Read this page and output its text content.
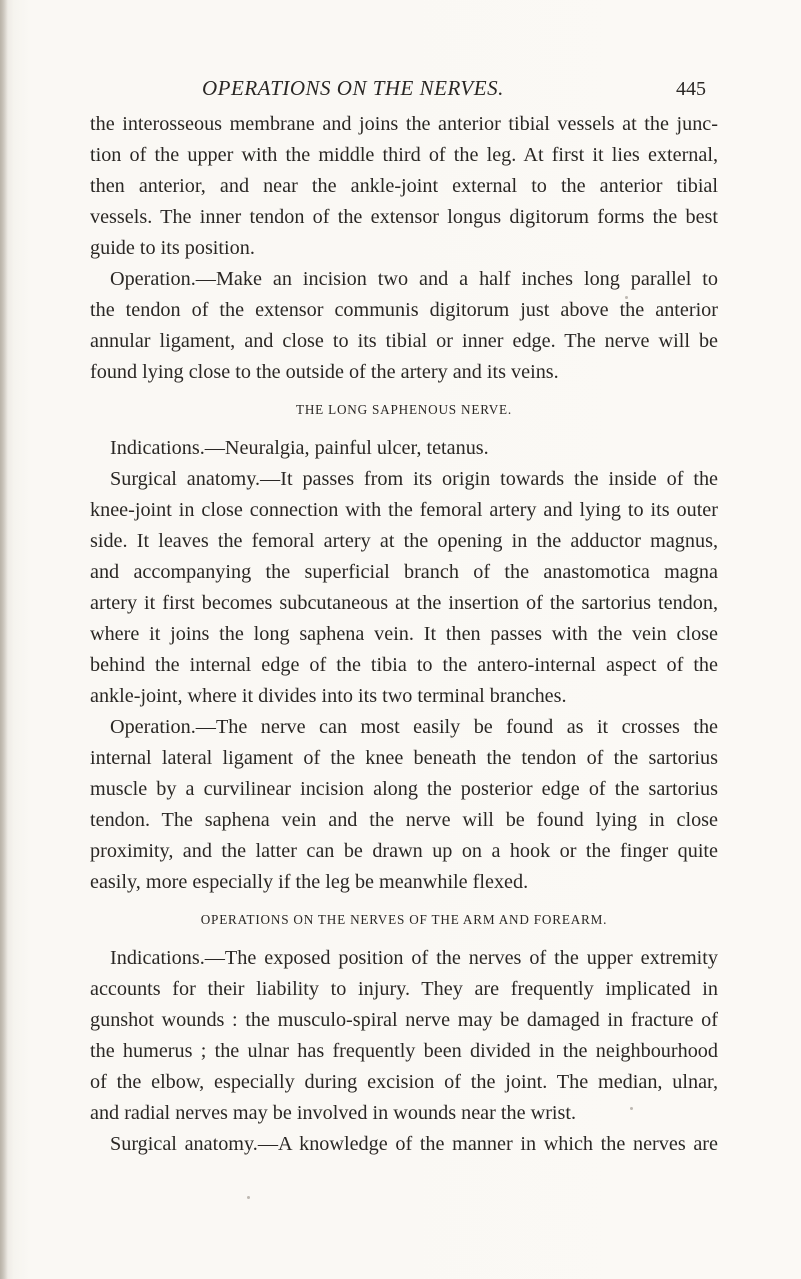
OPERATIONS ON THE NERVES.	445
the interosseous membrane and joins the anterior tibial vessels at the junc-
tion of the upper with the middle third of the leg. At first it lies external,
then anterior, and near the ankle-joint external to the anterior tibial
vessels. The inner tendon of the extensor longus digitorum forms the best
guide to its position.
Operation.—Make an incision two and a half inches long parallel to
the tendon of the extensor communis digitorum just above the anterior
annular ligament, and close to its tibial or inner edge. The nerve will be
found lying close to the outside of the artery and its veins.
THE LONG SAPHENOUS NERVE.
Indications.—Neuralgia, painful ulcer, tetanus.
Surgical anatomy.—It passes from its origin towards the inside of the
knee-joint in close connection with the femoral artery and lying to its outer
side. It leaves the femoral artery at the opening in the adductor magnus,
and accompanying the superficial branch of the anastomotica magna
artery it first becomes subcutaneous at the insertion of the sartorius tendon,
where it joins the long saphena vein. It then passes with the vein close
behind the internal edge of the tibia to the antero-internal aspect of the
ankle-joint, where it divides into its two terminal branches.
Operation.—The nerve can most easily be found as it crosses the
internal lateral ligament of the knee beneath the tendon of the sartorius
muscle by a curvilinear incision along the posterior edge of the sartorius
tendon. The saphena vein and the nerve will be found lying in close
proximity, and the latter can be drawn up on a hook or the finger quite
easily, more especially if the leg be meanwhile flexed.
OPERATIONS ON THE NERVES OF THE ARM AND FOREARM.
Indications.—The exposed position of the nerves of the upper extremity
accounts for their liability to injury. They are frequently implicated in
gunshot wounds : the musculo-spiral nerve may be damaged in fracture of
the humerus ; the ulnar has frequently been divided in the neighbourhood
of the elbow, especially during excision of the joint. The median, ulnar,
and radial nerves may be involved in wounds near the wrist.
Surgical anatomy.—A knowledge of the manner in which the nerves are
